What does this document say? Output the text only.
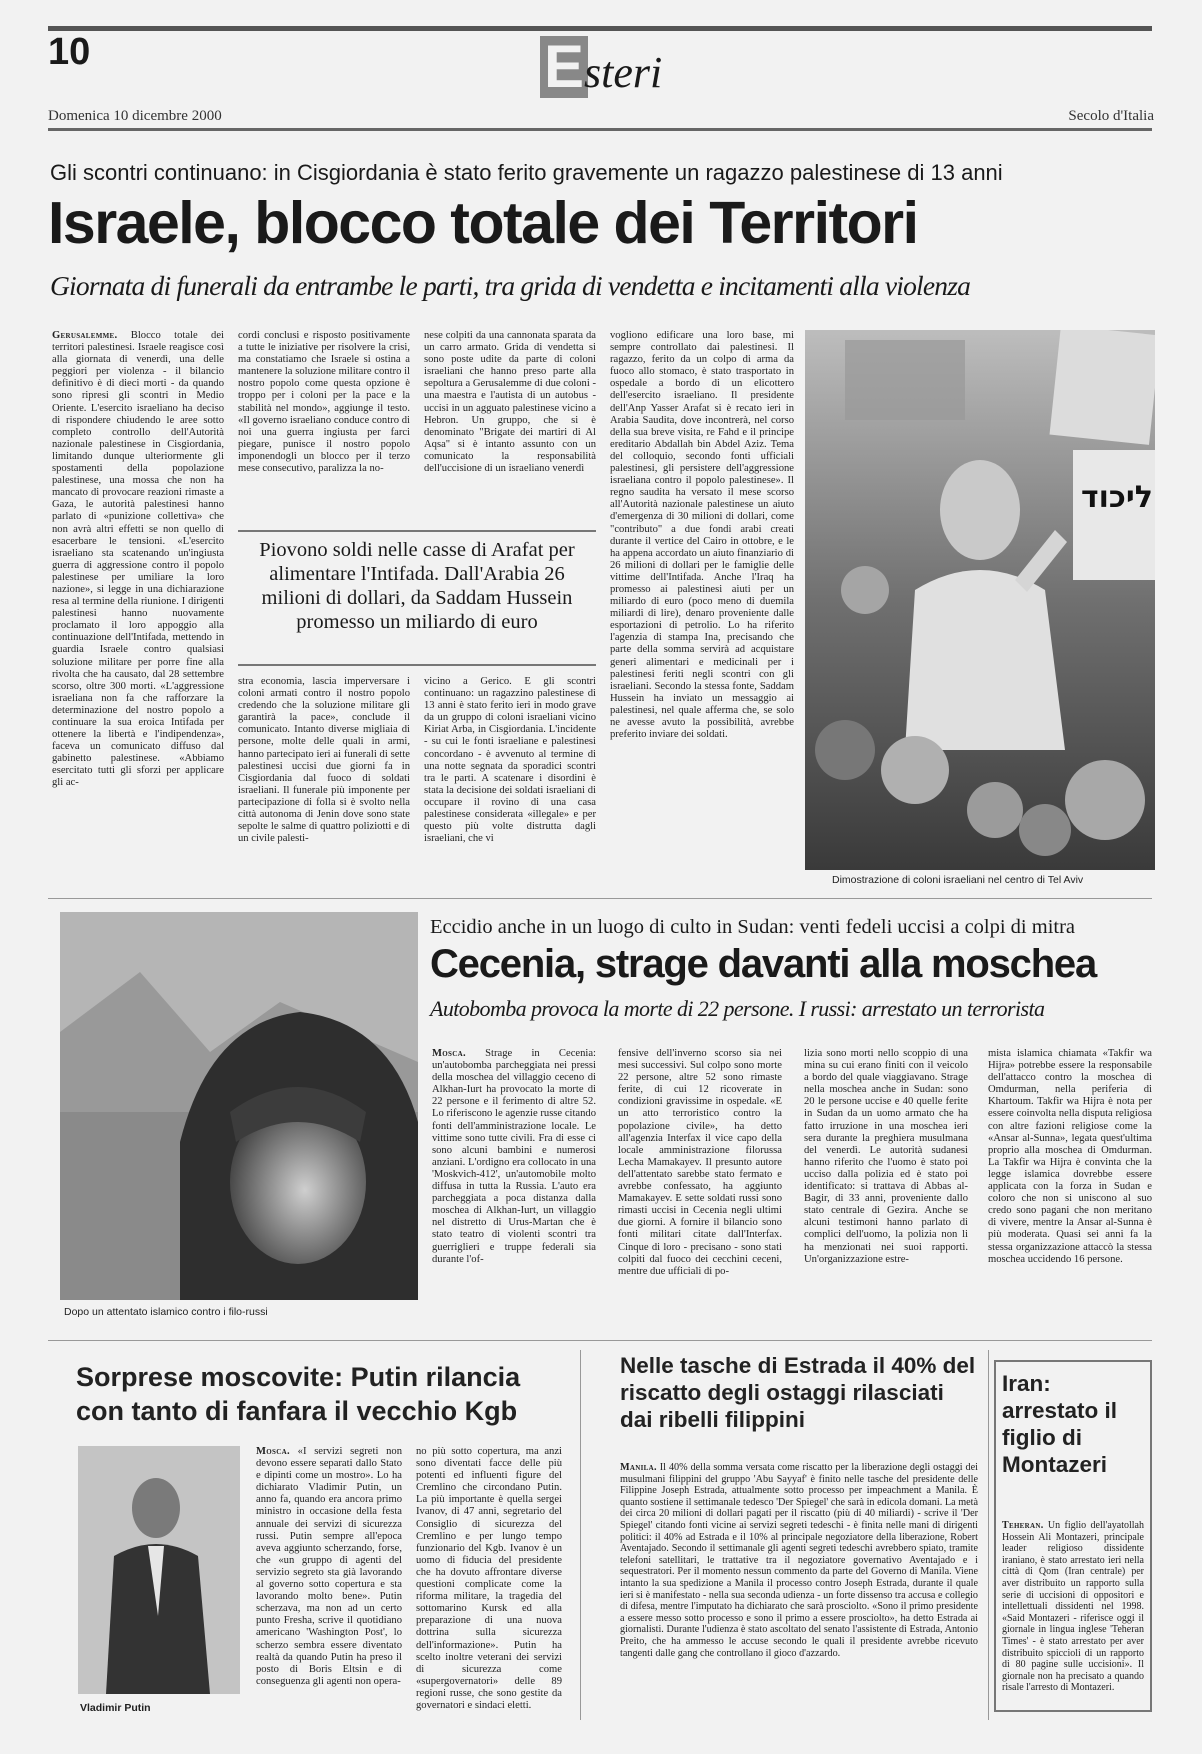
10	Esteri
Domenica 10 dicembre 2000	Secolo d'Italia
Gli scontri continuano: in Cisgiordania è stato ferito gravemente un ragazzo palestinese di 13 anni
Israele, blocco totale dei Territori
Giornata di funerali da entrambe le parti, tra grida di vendetta e incitamenti alla violenza

Gerusalemme. Blocco totale dei territori palestinesi. Israele reagisce così alla giornata di venerdì, una delle peggiori per violenza - il bilancio definitivo è di dieci morti - da quando sono ripresi gli scontri in Medio Oriente. L'esercito israeliano ha deciso di rispondere chiudendo le aree sotto completo controllo dell'Autorità nazionale palestinese in Cisgiordania, limitando dunque ulteriormente gli spostamenti della popolazione palestinese, una mossa che non ha mancato di provocare reazioni rimaste a Gaza, le autorità palestinesi hanno parlato di «punizione collettiva» che non avrà altri effetti se non quello di esacerbare le tensioni. «L'esercito israeliano sta scatenando un'ingiusta guerra di aggressione contro il popolo palestinese per umiliare la loro nazione», si legge in una dichiarazione resa al termine della riunione. I dirigenti palestinesi hanno nuovamente proclamato il loro appoggio alla continuazione dell'Intifada, mettendo in guardia Israele contro qualsiasi soluzione militare per porre fine alla rivolta che ha causato, dal 28 settembre scorso, oltre 300 morti. «L'aggressione israeliana non fa che rafforzare la determinazione del nostro popolo a continuare la sua eroica Intifada per ottenere la libertà e l'indipendenza», faceva un comunicato diffuso dal gabinetto palestinese. «Abbiamo esercitato tutti gli sforzi per applicare gli ac-

cordi conclusi e risposto positivamente a tutte le iniziative per risolvere la crisi, ma constatiamo che Israele si ostina a mantenere la soluzione militare contro il nostro popolo come questa opzione è troppo per i coloni per la pace e la stabilità nel mondo», aggiunge il testo. «Il governo israeliano conduce contro di noi una guerra ingiusta per farci piegare, punisce il nostro popolo imponendogli un blocco per il terzo mese consecutivo, paralizza la no-

nese colpiti da una cannonata sparata da un carro armato. Grida di vendetta si sono poste udite da parte di coloni israeliani che hanno preso parte alla sepoltura a Gerusalemme di due coloni - una maestra e l'autista di un autobus - uccisi in un agguato palestinese vicino a Hebron. Un gruppo, che si è denominato "Brigate dei martiri di Al Aqsa" si è intanto assunto con un comunicato la responsabilità dell'uccisione di un israeliano venerdì

Piovono soldi nelle casse di Arafat per alimentare l'Intifada. Dall'Arabia 26 milioni di dollari, da Saddam Hussein promesso un miliardo di euro

stra economia, lascia imperversare i coloni armati contro il nostro popolo credendo che la soluzione militare gli garantirà la pace», conclude il comunicato. Intanto diverse migliaia di persone, molte delle quali in armi, hanno partecipato ieri ai funerali di sette palestinesi uccisi due giorni fa in Cisgiordania dal fuoco di soldati israeliani. Il funerale più imponente per partecipazione di folla si è svolto nella città autonoma di Jenin dove sono state sepolte le salme di quattro poliziotti e di un civile palesti-

vicino a Gerico. E gli scontri continuano: un ragazzino palestinese di 13 anni è stato ferito ieri in modo grave da un gruppo di coloni israeliani vicino Kiriat Arba, in Cisgiordania. L'incidente - su cui le fonti israeliane e palestinesi concordano - è avvenuto al termine di una notte segnata da sporadici scontri tra le parti. A scatenare i disordini è stata la decisione dei soldati israeliani di occupare il rovino di una casa palestinese considerata «illegale» e per questo più volte distrutta dagli israeliani, che vi

vogliono edificare una loro base, mi sempre controllato dai palestinesi. Il ragazzo, ferito da un colpo di arma da fuoco allo stomaco, è stato trasportato in ospedale a bordo di un elicottero dell'esercito israeliano. Il presidente dell'Anp Yasser Arafat si è recato ieri in Arabia Saudita, dove incontrerà, nel corso della sua breve visita, re Fahd e il principe ereditario Abdallah bin Abdel Aziz. Tema del colloquio, secondo fonti ufficiali palestinesi, gli persistere dell'aggressione israeliana contro il popolo palestinese». Il regno saudita ha versato il mese scorso all'Autorità nazionale palestinese un aiuto d'emergenza di 30 milioni di dollari, come "contributo" a due fondi arabi creati durante il vertice del Cairo in ottobre, e le ha appena accordato un aiuto finanziario di 26 milioni di dollari per le famiglie delle vittime dell'Intifada. Anche l'Iraq ha promesso ai palestinesi aiuti per un miliardo di euro (poco meno di duemila miliardi di lire), denaro proveniente dalle esportazioni di petrolio. Lo ha riferito l'agenzia di stampa Ina, precisando che parte della somma servirà ad acquistare generi alimentari e medicinali per i palestinesi feriti negli scontri con gli israeliani. Secondo la stessa fonte, Saddam Hussein ha inviato un messaggio ai palestinesi, nel quale afferma che, se solo ne avesse avuto la possibilità, avrebbe preferito inviare dei soldati.

ליכוד
Dimostrazione di coloni israeliani nel centro di Tel Aviv
Dopo un attentato islamico contro i filo-russi
Eccidio anche in un luogo di culto in Sudan: venti fedeli uccisi a colpi di mitra
Cecenia, strage davanti alla moschea
Autobomba provoca la morte di 22 persone. I russi: arrestato un terrorista

Mosca. Strage in Cecenia: un'autobomba parcheggiata nei pressi della moschea del villaggio ceceno di Alkhan-Iurt ha provocato la morte di 22 persone e il ferimento di altre 52. Lo riferiscono le agenzie russe citando fonti dell'amministrazione locale. Le vittime sono tutte civili. Fra di esse ci sono alcuni bambini e numerosi anziani. L'ordigno era collocato in una 'Moskvich-412', un'automobile molto diffusa in tutta la Russia. L'auto era parcheggiata a poca distanza dalla moschea di Alkhan-Iurt, un villaggio nel distretto di Urus-Martan che è stato teatro di violenti scontri tra guerriglieri e truppe federali sia durante l'of-

fensive dell'inverno scorso sia nei mesi successivi. Sul colpo sono morte 22 persone, altre 52 sono rimaste ferite, di cui 12 ricoverate in condizioni gravissime in ospedale. «E un atto terroristico contro la popolazione civile», ha detto all'agenzia Interfax il vice capo della locale amministrazione filorussa Lecha Mamakayev. Il presunto autore dell'attentato sarebbe stato fermato e avrebbe confessato, ha aggiunto Mamakayev. E sette soldati russi sono rimasti uccisi in Cecenia negli ultimi due giorni. A fornire il bilancio sono fonti militari citate dall'Interfax. Cinque di loro - precisano - sono stati colpiti dal fuoco dei cecchini ceceni, mentre due ufficiali di po-

lizia sono morti nello scoppio di una mina su cui erano finiti con il veicolo a bordo del quale viaggiavano. Strage nella moschea anche in Sudan: sono 20 le persone uccise e 40 quelle ferite in Sudan da un uomo armato che ha fatto irruzione in una moschea ieri sera durante la preghiera musulmana del venerdì. Le autorità sudanesi hanno riferito che l'uomo è stato poi ucciso dalla polizia ed è stato poi identificato: si trattava di Abbas al-Bagir, di 33 anni, proveniente dallo stato centrale di Gezira. Anche se alcuni testimoni hanno parlato di complici dell'uomo, la polizia non li ha menzionati nei suoi rapporti. Un'organizzazione estre-

mista islamica chiamata «Takfir wa Hijra» potrebbe essere la responsabile dell'attacco contro la moschea di Omdurman, nella periferia di Khartoum. Takfir wa Hijra è nota per essere coinvolta nella disputa religiosa con altre fazioni religiose come la «Ansar al-Sunna», legata quest'ultima proprio alla moschea di Omdurman. La Takfir wa Hijra è convinta che la legge islamica dovrebbe essere applicata con la forza in Sudan e coloro che non si uniscono al suo credo sono pagani che non meritano di vivere, mentre la Ansar al-Sunna è più moderata. Quasi sei anni fa la stessa organizzazione attaccò la stessa moschea uccidendo 16 persone.

Sorprese moscovite: Putin rilancia con tanto di fanfara il vecchio Kgb
Vladimir Putin

Mosca. «I servizi segreti non devono essere separati dallo Stato e dipinti come un mostro». Lo ha dichiarato Vladimir Putin, un anno fa, quando era ancora primo ministro in occasione della festa annuale dei servizi di sicurezza russi. Putin sempre all'epoca aveva aggiunto scherzando, forse, che «un gruppo di agenti del servizio segreto sta già lavorando al governo sotto copertura e sta lavorando molto bene». Putin scherzava, ma non ad un certo punto Fresha, scrive il quotidiano americano 'Washington Post', lo scherzo sembra essere diventato realtà da quando Putin ha preso il posto di Boris Eltsin e di conseguenza gli agenti non opera-

no più sotto copertura, ma anzi sono diventati facce delle più potenti ed influenti figure del Cremlino che circondano Putin. La più importante è quella sergei Ivanov, di 47 anni, segretario del Consiglio di sicurezza del Cremlino e per lungo tempo funzionario del Kgb. Ivanov è un uomo di fiducia del presidente che ha dovuto affrontare diverse questioni complicate come la riforma militare, la tragedia del sottomarino Kursk ed alla preparazione di una nuova dottrina sulla sicurezza dell'informazione». Putin ha scelto inoltre veterani dei servizi di sicurezza come «supergovernatori» delle 89 regioni russe, che sono gestite da governatori e sindaci eletti.

Nelle tasche di Estrada il 40% del riscatto degli ostaggi rilasciati dai ribelli filippini

Manila. Il 40% della somma versata come riscatto per la liberazione degli ostaggi dei musulmani filippini del gruppo 'Abu Sayyaf' è finito nelle tasche del presidente delle Filippine Joseph Estrada, attualmente sotto processo per impeachment a Manila. È quanto sostiene il settimanale tedesco 'Der Spiegel' che sarà in edicola domani. La metà dei circa 20 milioni di dollari pagati per il riscatto (più di 40 miliardi) - scrive il 'Der Spiegel' citando fonti vicine ai servizi segreti tedeschi - è finita nelle mani di dirigenti politici: il 40% ad Estrada e il 10% al principale negoziatore della liberazione, Robert Aventajado. Secondo il settimanale gli agenti segreti tedeschi avrebbero spiato, tramite telefoni satellitari, le trattative tra il negoziatore governativo Aventajado e i sequestratori. Per il momento nessun commento da parte del Governo di Manila. Viene intanto la sua spedizione a Manila il processo contro Joseph Estrada, durante il quale ieri si è manifestato - nella sua seconda udienza - un forte dissenso tra accusa e collegio di difesa, mentre l'imputato ha dichiarato che sarà prosciolto. «Sono il primo presidente a essere messo sotto processo e sono il primo a essere prosciolto», ha detto Estrada ai giornalisti. Durante l'udienza è stato ascoltato del senato l'assistente di Estrada, Antonio Preito, che ha ammesso le accuse secondo le quali il presidente avrebbe ricevuto tangenti dalle gang che controllano il gioco d'azzardo.

Iran: arrestato il figlio di Montazeri

Teheran. Un figlio dell'ayatollah Hossein Ali Montazeri, principale leader religioso dissidente iraniano, è stato arrestato ieri nella città di Qom (Iran centrale) per aver distribuito un rapporto sulla serie di uccisioni di oppositori e intellettuali dissidenti nel 1998. «Said Montazeri - riferisce oggi il giornale in lingua inglese 'Teheran Times' - è stato arrestato per aver distribuito spiccioli di un rapporto di 80 pagine sulle uccisioni». Il giornale non ha precisato a quando risale l'arresto di Montazeri.
